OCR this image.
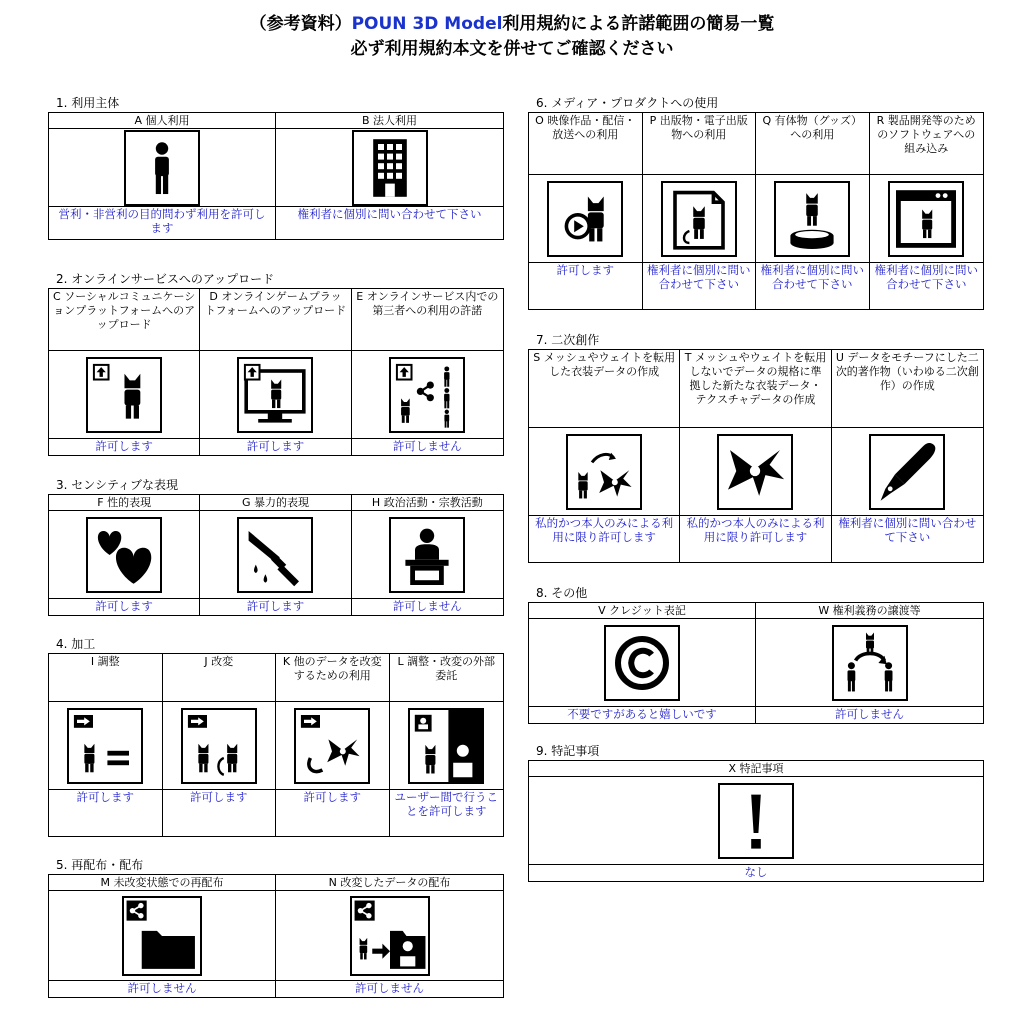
（参考資料）POUN 3D Model利用規約による許諾範囲の簡易一覧
必ず利用規約本文を併せてご確認ください
1. 利用主体
A 個人利用
営利・非営利の目的問わず利用を許可します
B 法人利用
権利者に個別に問い合わせて下さい
2. オンラインサービスへのアップロード
C ソーシャルコミュニケーションプラットフォームへのアップロード
許可します
D オンラインゲームプラットフォームへのアップロード
許可します
E オンラインサービス内での第三者への利用の許諾
許可しません
3. センシティブな表現
F 性的表現
許可します
G 暴力的表現
許可します
H 政治活動・宗教活動
許可しません
4. 加工
I 調整
許可します
J 改変
許可します
K 他のデータを改変するための利用
許可します
L 調整・改変の外部委託
ユーザー間で行うことを許可します
5. 再配布・配布
M 未改変状態での再配布
許可しません
N 改変したデータの配布
許可しません
6. メディア・プロダクトへの使用
O 映像作品・配信・放送への利用
許可します
P 出版物・電子出版物への利用
権利者に個別に問い合わせて下さい
Q 有体物（グッズ）への利用
権利者に個別に問い合わせて下さい
R 製品開発等のためのソフトウェアへの組み込み
権利者に個別に問い合わせて下さい
7. 二次創作
S メッシュやウェイトを転用した衣装データの作成
私的かつ本人のみによる利用に限り許可します
T メッシュやウェイトを転用しないでデータの規格に準拠した新たな衣装データ・テクスチャデータの作成
私的かつ本人のみによる利用に限り許可します
U データをモチーフにした二次的著作物（いわゆる二次創作）の作成
権利者に個別に問い合わせて下さい
8. その他
V クレジット表記
不要ですがあると嬉しいです
W 権利義務の譲渡等
許可しません
9. 特記事項
X 特記事項
なし
